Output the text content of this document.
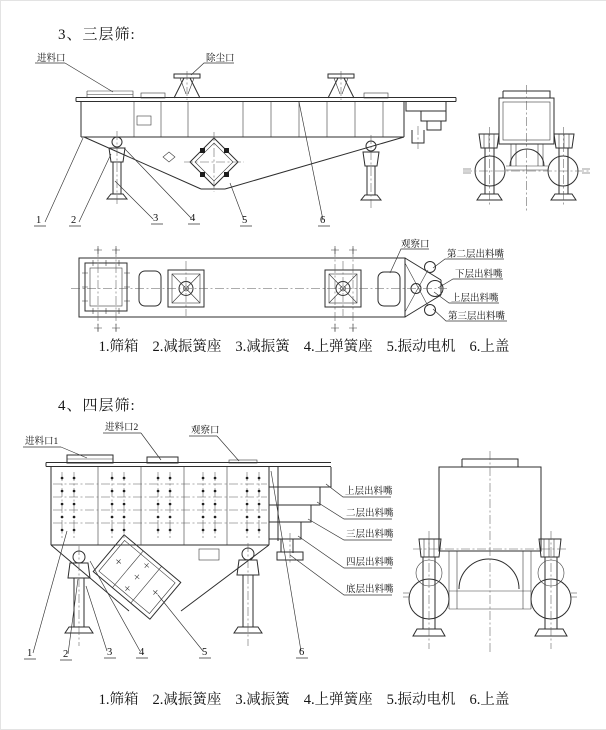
3、三层筛:
4、四层筛:
1	2	3	4	5	6
进料口	除尘口
观察口
第二层出料嘴
下层出料嘴
上层出料嘴
第三层出料嘴
1	2	3	4	5	6
进料口1
进料口2	观察口
上层出料嘴
二层出料嘴
三层出料嘴
四层出料嘴
底层出料嘴
1.筛箱 2.减振簧座 3.减振簧 4.上弹簧座 5.振动电机 6.上盖
1.筛箱 2.减振簧座 3.减振簧 4.上弹簧座 5.振动电机 6.上盖
